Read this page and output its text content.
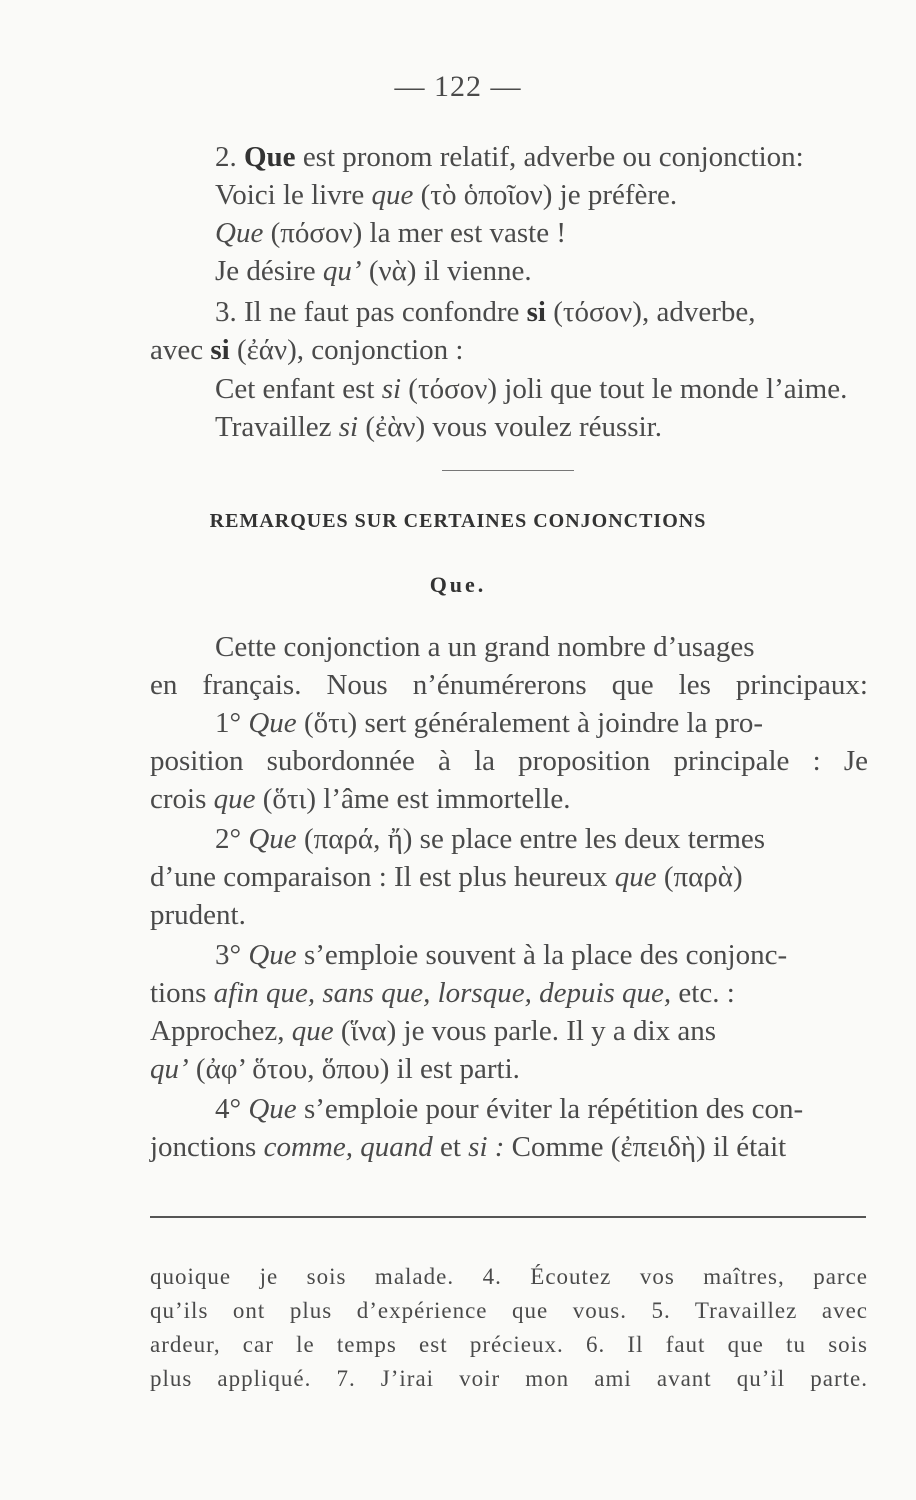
— 122 —
2. Que est pronom relatif, adverbe ou conjonction:
Voici le livre que (τὸ ὁποῖον) je préfère.
Que (πόσον) la mer est vaste !
Je désire qu’ (νὰ) il vienne.
3. Il ne faut pas confondre si (τόσον), adverbe,
avec si (ἐάν), conjonction :
Cet enfant est si (τόσον) joli que tout le monde l’aime.
Travaillez si (ἐὰν) vous voulez réussir.
Cette conjonction a un grand nombre d’usages
en français. Nous n’énumérerons que les principaux:
1° Que (ὅτι) sert généralement à joindre la pro-
position subordonnée à la proposition principale : Je
crois que (ὅτι) l’âme est immortelle.
2° Que (παρά, ἤ) se place entre les deux termes
d’une comparaison : Il est plus heureux que (παρὰ)
prudent.
3° Que s’emploie souvent à la place des conjonc-
tions afin que, sans que, lorsque, depuis que, etc. :
Approchez, que (ἵνα) je vous parle. Il y a dix ans
qu’ (ἀφ’ ὅτου, ὅπου) il est parti.
4° Que s’emploie pour éviter la répétition des con-
jonctions comme, quand et si : Comme (ἐπειδὴ) il était
quoique je sois malade. 4. Écoutez vos maîtres, parce
qu’ils ont plus d’expérience que vous. 5. Travaillez avec
ardeur, car le temps est précieux. 6. Il faut que tu sois
plus appliqué. 7. J’irai voir mon ami avant qu’il parte.
REMARQUES SUR CERTAINES CONJONCTIONS
Que.
